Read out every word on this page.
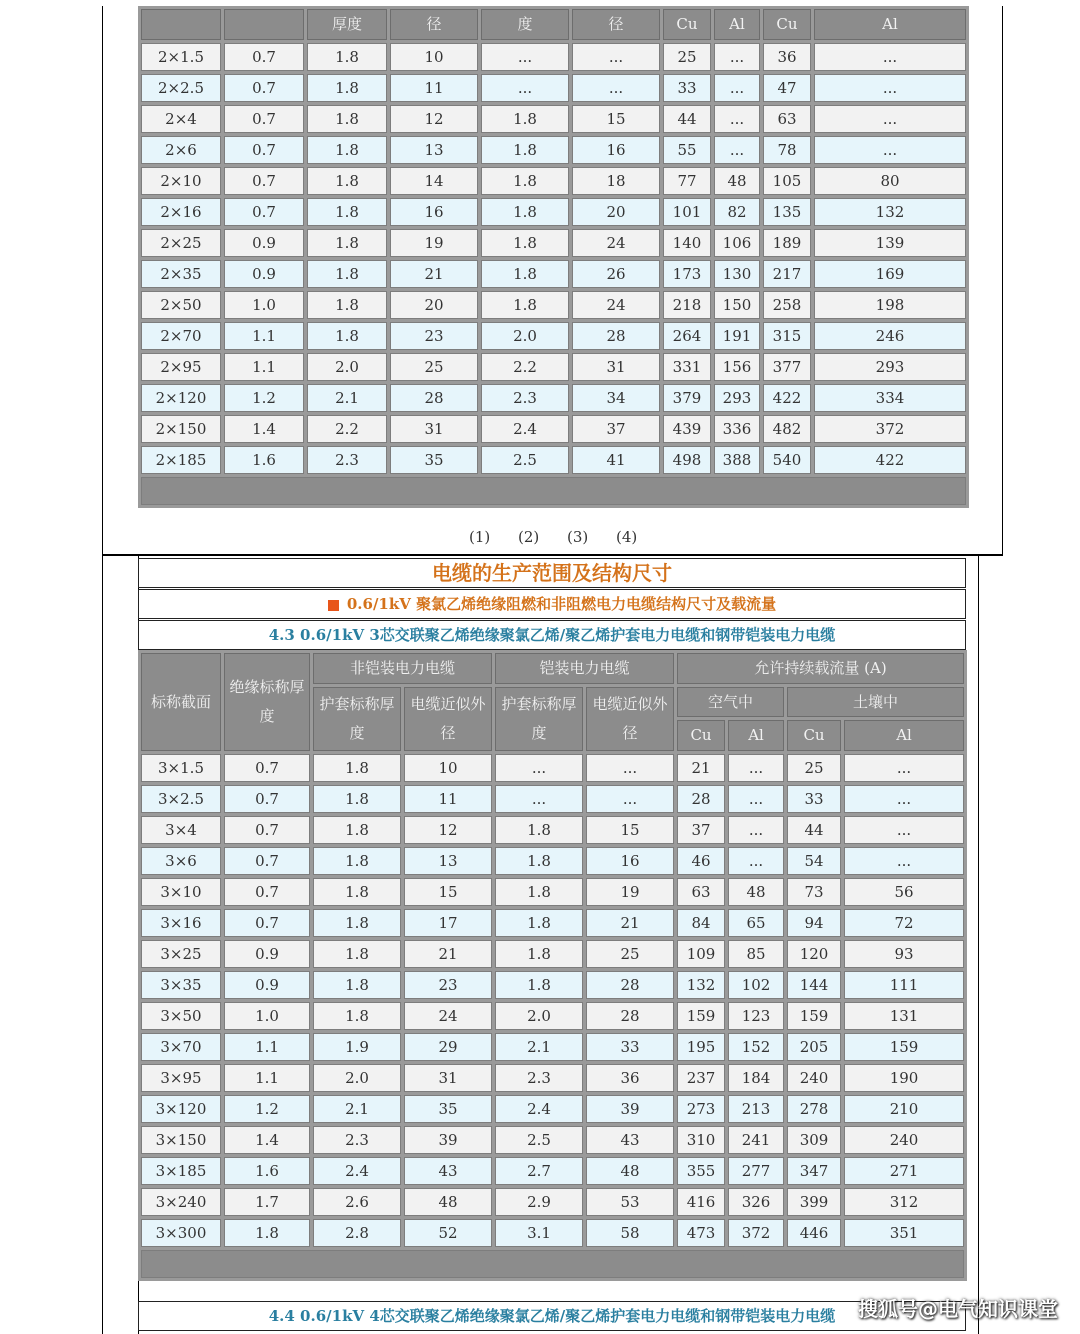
		厚度	径	度	径	Cu	Al	Cu	Al
2×1.5	0.7	1.8	10	...	...	25	...	36	...
2×2.5	0.7	1.8	11	...	...	33	...	47	...
2×4	0.7	1.8	12	1.8	15	44	...	63	...
2×6	0.7	1.8	13	1.8	16	55	...	78	...
2×10	0.7	1.8	14	1.8	18	77	48	105	80
2×16	0.7	1.8	16	1.8	20	101	82	135	132
2×25	0.9	1.8	19	1.8	24	140	106	189	139
2×35	0.9	1.8	21	1.8	26	173	130	217	169
2×50	1.0	1.8	20	1.8	24	218	150	258	198
2×70	1.1	1.8	23	2.0	28	264	191	315	246
2×95	1.1	2.0	25	2.2	31	331	156	377	293
2×120	1.2	2.1	28	2.3	34	379	293	422	334
2×150	1.4	2.2	31	2.4	37	439	336	482	372
2×185	1.6	2.3	35	2.5	41	498	388	540	422

(1) (2) (3) (4)
电缆的生产范围及结构尺寸
0.6/1kV 聚氯乙烯绝缘阻燃和非阻燃电力电缆结构尺寸及载流量
4.3 0.6/1kV 3芯交联聚乙烯绝缘聚氯乙烯/聚乙烯护套电力电缆和钢带铠装电力电缆
标称截面	绝缘标称厚度	非铠装电力电缆		铠装电力电缆		允许持续载流量 (A)			
		护套标称厚度	电缆近似外径	护套标称厚度	电缆近似外径	空气中		土壤中	
						Cu	Al	Cu	Al
3×1.5	0.7	1.8	10	...	...	21	...	25	...
3×2.5	0.7	1.8	11	...	...	28	...	33	...
3×4	0.7	1.8	12	1.8	15	37	...	44	...
3×6	0.7	1.8	13	1.8	16	46	...	54	...
3×10	0.7	1.8	15	1.8	19	63	48	73	56
3×16	0.7	1.8	17	1.8	21	84	65	94	72
3×25	0.9	1.8	21	1.8	25	109	85	120	93
3×35	0.9	1.8	23	1.8	28	132	102	144	111
3×50	1.0	1.8	24	2.0	28	159	123	159	131
3×70	1.1	1.9	29	2.1	33	195	152	205	159
3×95	1.1	2.0	31	2.3	36	237	184	240	190
3×120	1.2	2.1	35	2.4	39	273	213	278	210
3×150	1.4	2.3	39	2.5	43	310	241	309	240
3×185	1.6	2.4	43	2.7	48	355	277	347	271
3×240	1.7	2.6	48	2.9	53	416	326	399	312
3×300	1.8	2.8	52	3.1	58	473	372	446	351

4.4 0.6/1kV 4芯交联聚乙烯绝缘聚氯乙烯/聚乙烯护套电力电缆和钢带铠装电力电缆	搜狐号@电气知识课堂
